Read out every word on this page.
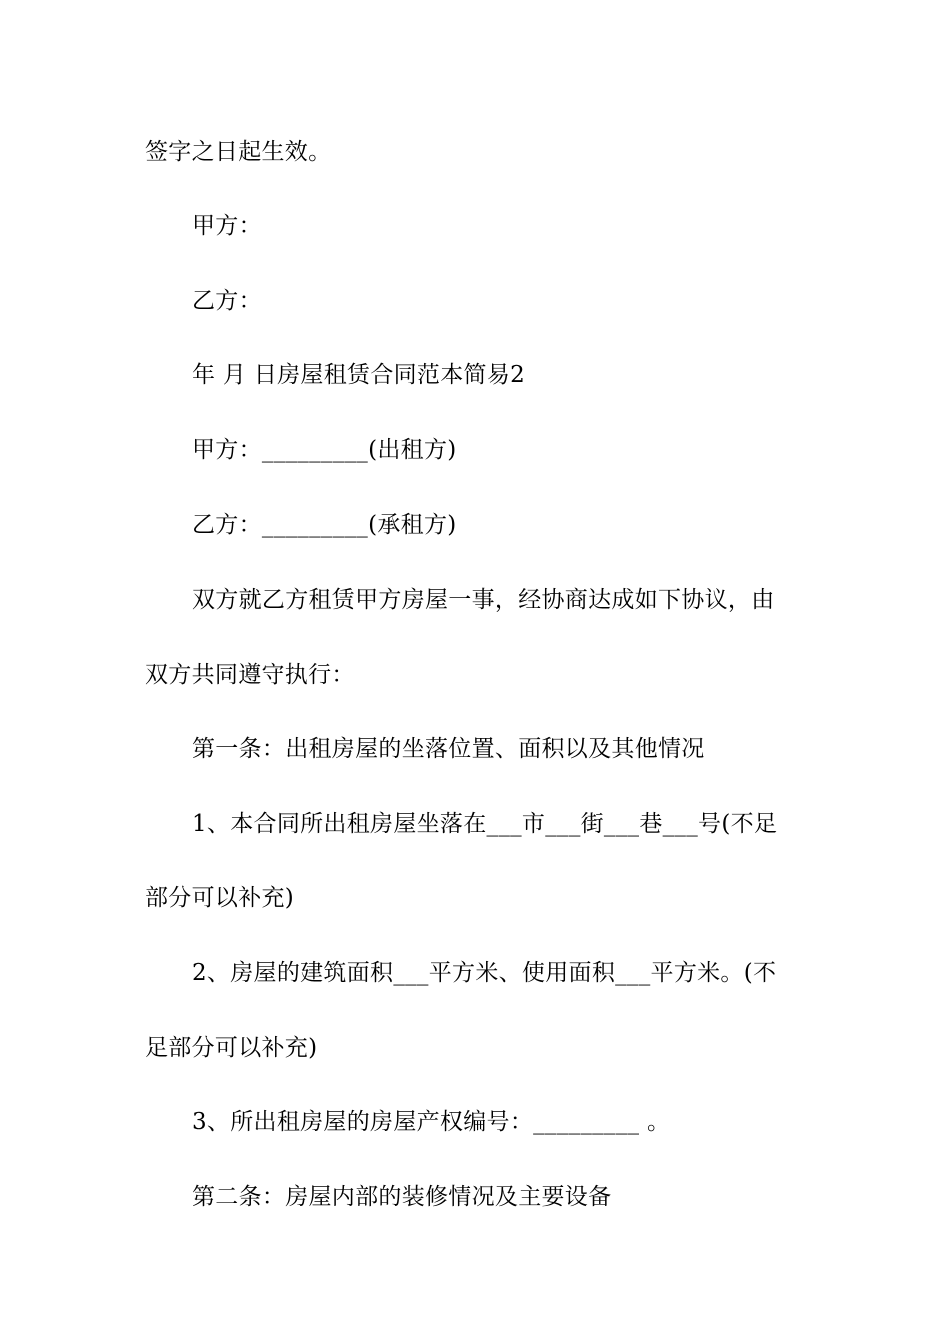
签字之日起生效。
甲方：
乙方：
年 月 日房屋租赁合同范本简易2
甲方：_________(出租方)
乙方：_________(承租方)
双方就乙方租赁甲方房屋一事，经协商达成如下协议，由
双方共同遵守执行：
第一条：出租房屋的坐落位置、面积以及其他情况
1、本合同所出租房屋坐落在___市___街___巷___号(不足
部分可以补充)
2、房屋的建筑面积___平方米、使用面积___平方米。(不
足部分可以补充)
3、所出租房屋的房屋产权编号：_________ 。
第二条：房屋内部的装修情况及主要设备
